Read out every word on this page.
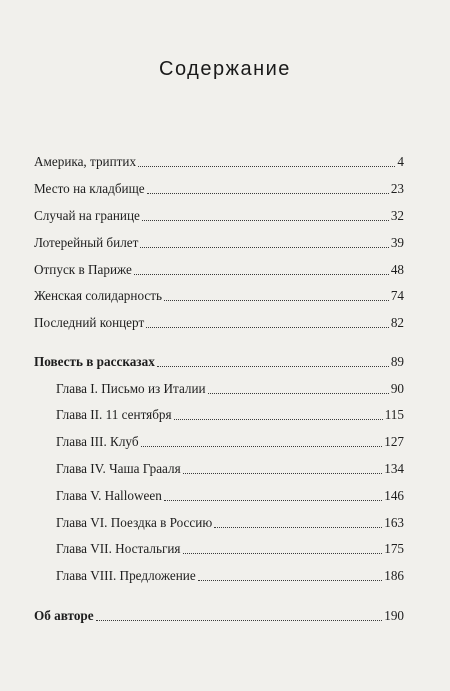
Содержание
Америка, триптих	4
Место на кладбище	23
Случай на границе	32
Лотерейный билет	39
Отпуск в Париже	48
Женская солидарность	74
Последний концерт	82
Повесть в рассказах	89
Глава I. Письмо из Италии	90
Глава II. 11 сентября	115
Глава III. Клуб	127
Глава IV. Чаша Грааля	134
Глава V. Halloween	146
Глава VI. Поездка в Россию	163
Глава VII. Ностальгия	175
Глава VIII. Предложение	186
Об авторе	190
